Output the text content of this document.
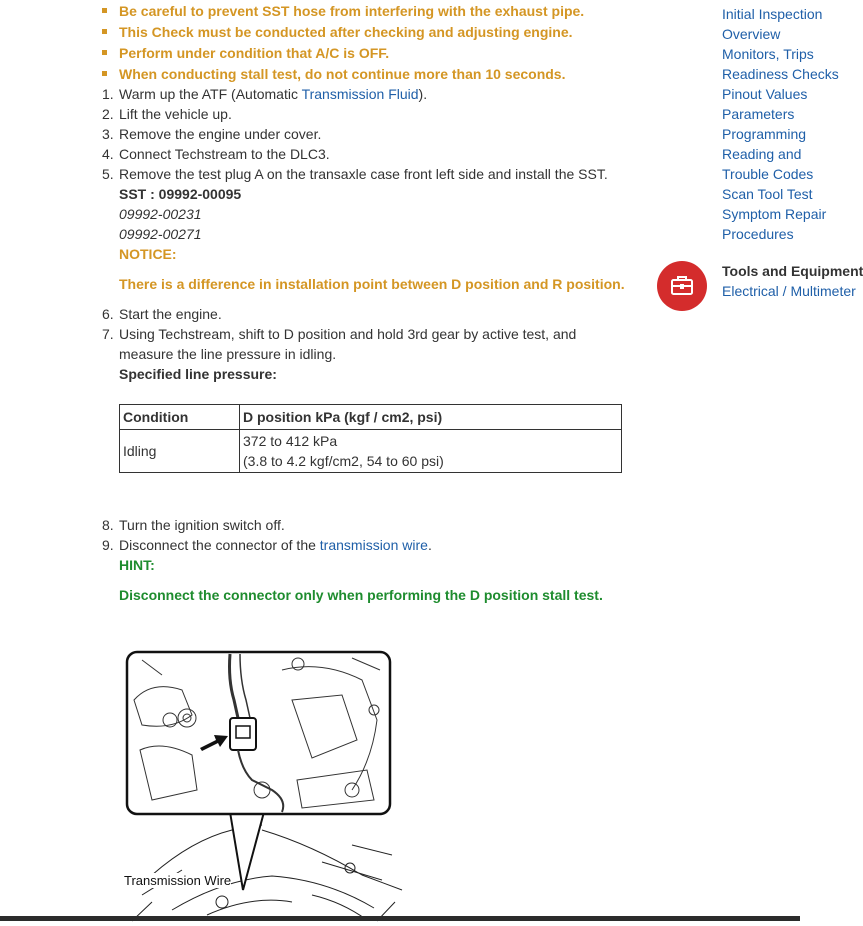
Be careful to prevent SST hose from interfering with the exhaust pipe.
This Check must be conducted after checking and adjusting engine.
Perform under condition that A/C is OFF.
When conducting stall test, do not continue more than 10 seconds.
1. Warm up the ATF (Automatic Transmission Fluid).
2. Lift the vehicle up.
3. Remove the engine under cover.
4. Connect Techstream to the DLC3.
5. Remove the test plug A on the transaxle case front left side and install the SST.
SST : 09992-00095
09992-00231
09992-00271
NOTICE:
There is a difference in installation point between D position and R position.
6. Start the engine.
7. Using Techstream, shift to D position and hold 3rd gear by active test, and
measure the line pressure in idling.
Specified line pressure:
Condition	D position kPa (kgf / cm2, psi)
Idling	372 to 412 kPa
(3.8 to 4.2 kgf/cm2, 54 to 60 psi)
8. Turn the ignition switch off.
9. Disconnect the connector of the transmission wire.
HINT:
Disconnect the connector only when performing the D position stall test.
Transmission Wire
Initial Inspection
Overview
Monitors, Trips
Readiness Checks
Pinout Values
Parameters
Programming
Reading and
Trouble Codes
Scan Tool Test
Symptom Repair
Procedures
Tools and Equipment
Electrical / Multimeter
